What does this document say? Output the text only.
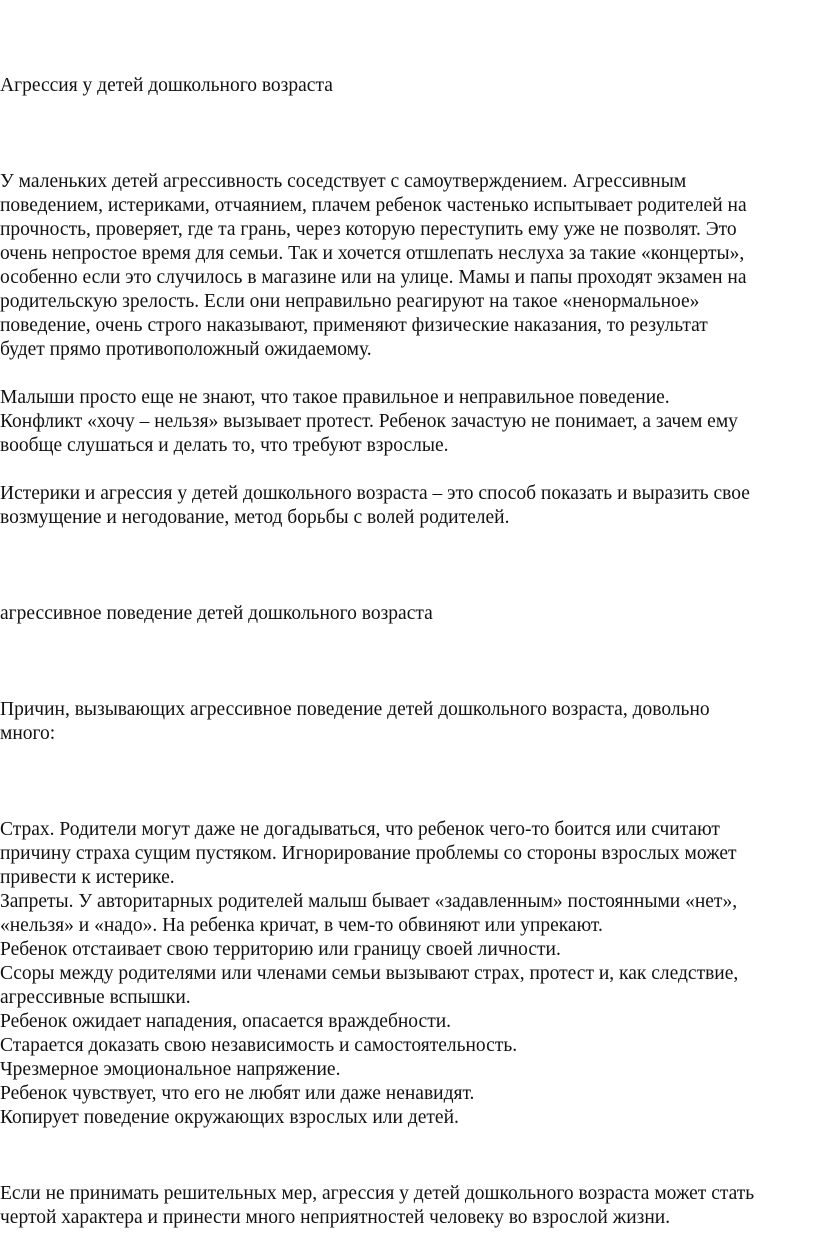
Агрессия у детей дошкольного возраста

У маленьких детей агрессивность соседствует с самоутверждением. Агрессивным
поведением, истериками, отчаянием, плачем ребенок частенько испытывает родителей на
прочность, проверяет, где та грань, через которую переступить ему уже не позволят. Это
очень непростое время для семьи. Так и хочется отшлепать неслуха за такие «концерты»,
особенно если это случилось в магазине или на улице. Мамы и папы проходят экзамен на
родительскую зрелость. Если они неправильно реагируют на такое «ненормальное»
поведение, очень строго наказывают, применяют физические наказания, то результат
будет прямо противоположный ожидаемому.

Малыши просто еще не знают, что такое правильное и неправильное поведение.
Конфликт «хочу – нельзя» вызывает протест. Ребенок зачастую не понимает, а зачем ему
вообще слушаться и делать то, что требуют взрослые.

Истерики и агрессия у детей дошкольного возраста – это способ показать и выразить свое
возмущение и негодование, метод борьбы с волей родителей.

агрессивное поведение детей дошкольного возраста

Причин, вызывающих агрессивное поведение детей дошкольного возраста, довольно
много:

Страх. Родители могут даже не догадываться, что ребенок чего-то боится или считают
причину страха сущим пустяком. Игнорирование проблемы со стороны взрослых может
привести к истерике.
Запреты. У авторитарных родителей малыш бывает «задавленным» постоянными «нет»,
«нельзя» и «надо». На ребенка кричат, в чем-то обвиняют или упрекают.
Ребенок отстаивает свою территорию или границу своей личности.
Ссоры между родителями или членами семьи вызывают страх, протест и, как следствие,
агрессивные вспышки.
Ребенок ожидает нападения, опасается враждебности.
Старается доказать свою независимость и самостоятельность.
Чрезмерное эмоциональное напряжение.
Ребенок чувствует, что его не любят или даже ненавидят.
Копирует поведение окружающих взрослых или детей.

Если не принимать решительных мер, агрессия у детей дошкольного возраста может стать
чертой характера и принести много неприятностей человеку во взрослой жизни.
